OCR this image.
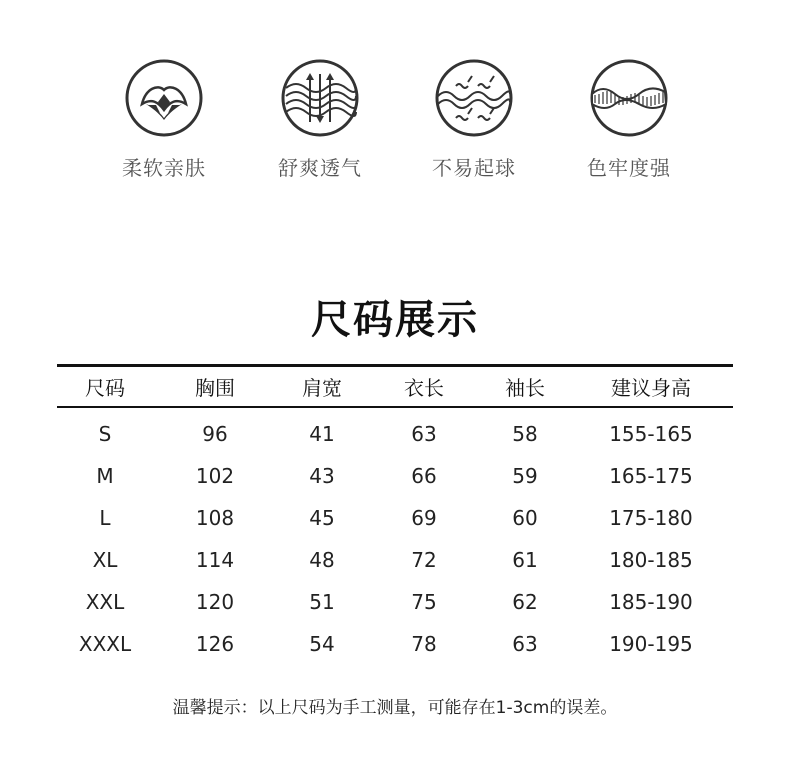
柔软亲肤	舒爽透气	不易起球	色牢度强
尺码展示
尺码	胸围	肩宽	衣长	袖长	建议身高
S	96	41	63	58	155-165
M	102	43	66	59	165-175
L	108	45	69	60	175-180
XL	114	48	72	61	180-185
XXL	120	51	75	62	185-190
XXXL	126	54	78	63	190-195
温馨提示：以上尺码为手工测量，可能存在1-3cm的误差。
